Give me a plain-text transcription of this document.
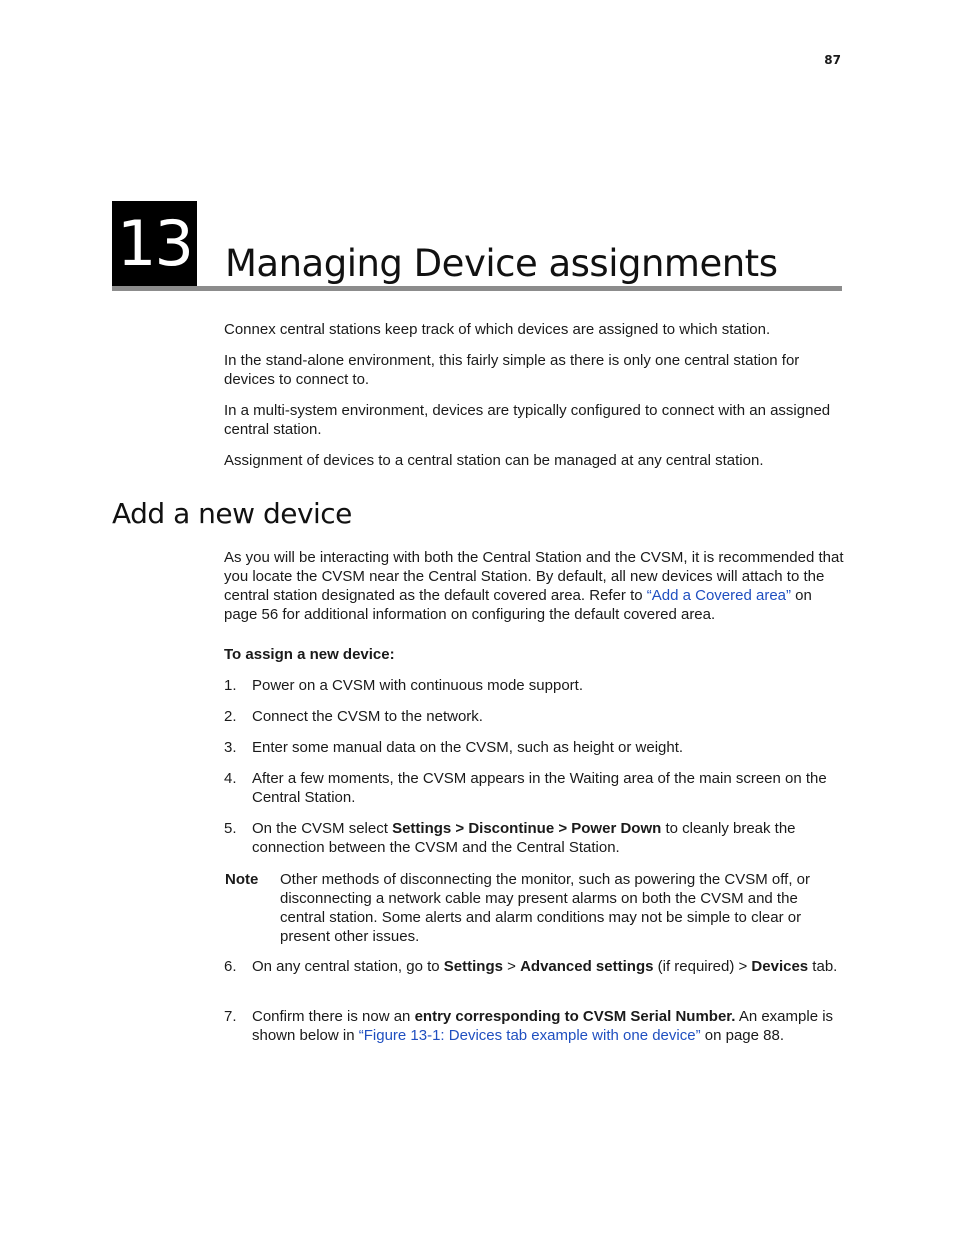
87
13 Managing Device assignments

Connex central stations keep track of which devices are assigned to which station.

In the stand-alone environment, this fairly simple as there is only one central station for devices to connect to.

In a multi-system environment, devices are typically configured to connect with an assigned central station.

Assignment of devices to a central station can be managed at any central station.

Add a new device

As you will be interacting with both the Central Station and the CVSM, it is recommended that you locate the CVSM near the Central Station. By default, all new devices will attach to the central station designated as the default covered area. Refer to “Add a Covered area” on page 56 for additional information on configuring the default covered area.

To assign a new device:
1. Power on a CVSM with continuous mode support.
2. Connect the CVSM to the network.
3. Enter some manual data on the CVSM, such as height or weight.
4. After a few moments, the CVSM appears in the Waiting area of the main screen on the Central Station.
5. On the CVSM select Settings > Discontinue > Power Down to cleanly break the connection between the CVSM and the Central Station.
Note Other methods of disconnecting the monitor, such as powering the CVSM off, or disconnecting a network cable may present alarms on both the CVSM and the central station. Some alerts and alarm conditions may not be simple to clear or present other issues.
6. On any central station, go to Settings > Advanced settings (if required) > Devices tab.
7. Confirm there is now an entry corresponding to CVSM Serial Number. An example is shown below in “Figure 13-1: Devices tab example with one device” on page 88.
